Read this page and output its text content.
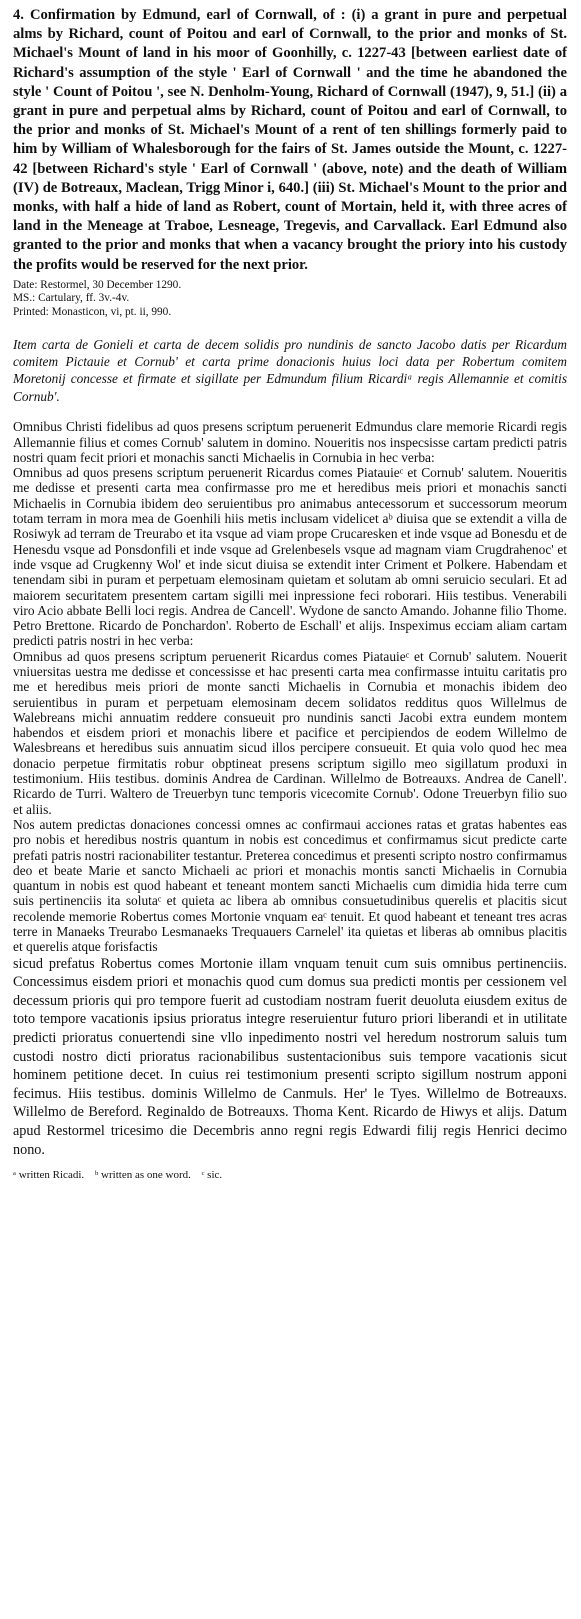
4. Confirmation by Edmund, earl of Cornwall, of : (i) a grant in pure and perpetual alms by Richard, count of Poitou and earl of Cornwall, to the prior and monks of St. Michael's Mount of land in his moor of Goonhilly, c. 1227-43 [between earliest date of Richard's assumption of the style ' Earl of Cornwall ' and the time he abandoned the style ' Count of Poitou ', see N. Denholm-Young, Richard of Cornwall (1947), 9, 51.] (ii) a grant in pure and perpetual alms by Richard, count of Poitou and earl of Cornwall, to the prior and monks of St. Michael's Mount of a rent of ten shillings formerly paid to him by William of Whalesborough for the fairs of St. James outside the Mount, c. 1227-42 [between Richard's style ' Earl of Cornwall ' (above, note) and the death of William (IV) de Botreaux, Maclean, Trigg Minor i, 640.] (iii) St. Michael's Mount to the prior and monks, with half a hide of land as Robert, count of Mortain, held it, with three acres of land in the Meneage at Traboe, Lesneage, Tregevis, and Carvallack. Earl Edmund also granted to the prior and monks that when a vacancy brought the priory into his custody the profits would be reserved for the next prior.

Date: Restormel, 30 December 1290.
MS.: Cartulary, ff. 3v.-4v.
Printed: Monasticon, vi, pt. ii, 990.

Item carta de Gonieli et carta de decem solidis pro nundinis de sancto Jacobo datis per Ricardum comitem Pictauie et Cornub' et carta prime donacionis huius loci data per Robertum comitem Moretonij concesse et firmate et sigillate per Edmundum filium Ricardiᵃ regis Allemannie et comitis Cornub'.

Omnibus Christi fidelibus ad quos presens scriptum peruenerit Edmundus clare memorie Ricardi regis Allemannie filius et comes Cornub' salutem in domino. Noueritis nos inspecsisse cartam predicti patris nostri quam fecit priori et monachis sancti Michaelis in Cornubia in hec verba:

Omnibus ad quos presens scriptum peruenerit Ricardus comes Piatauieᶜ et Cornub' salutem. Noueritis me dedisse et presenti carta mea confirmasse pro me et heredibus meis priori et monachis sancti Michaelis in Cornubia ibidem deo seruientibus pro animabus antecessorum et successorum meorum totam terram in mora mea de Goenhili hiis metis inclusam videlicet aᵇ diuisa que se extendit a villa de Rosiwyk ad terram de Treurabo et ita vsque ad viam prope Crucaresken et inde vsque ad Bonesdu et de Henesdu vsque ad Ponsdonfili et inde vsque ad Grelenbesels vsque ad magnam viam Crugdrahenoc' et inde vsque ad Crugkenny Wol' et inde sicut diuisa se extendit inter Criment et Polkere. Habendam et tenendam sibi in puram et perpetuam elemosinam quietam et solutam ab omni seruicio seculari. Et ad maiorem securitatem presentem cartam sigilli mei inpressione feci roborari. Hiis testibus. Venerabili viro Acio abbate Belli loci regis. Andrea de Cancell'. Wydone de sancto Amando. Johanne filio Thome. Petro Brettone. Ricardo de Ponchardon'. Roberto de Eschall' et alijs. Inspeximus ecciam aliam cartam predicti patris nostri in hec verba:

Omnibus ad quos presens scriptum peruenerit Ricardus comes Piatauieᶜ et Cornub' salutem. Nouerit vniuersitas uestra me dedisse et concessisse et hac presenti carta mea confirmasse intuitu caritatis pro me et heredibus meis priori de monte sancti Michaelis in Cornubia et monachis ibidem deo seruientibus in puram et perpetuam elemosinam decem solidatos redditus quos Willelmus de Walebreans michi annuatim reddere consueuit pro nundinis sancti Jacobi extra eundem montem habendos et eisdem priori et monachis libere et pacifice et percipiendos de eodem Willelmo de Walesbreans et heredibus suis annuatim sicud illos percipere consueuit. Et quia volo quod hec mea donacio perpetue firmitatis robur obptineat presens scriptum sigillo meo sigillatum produxi in testimonium. Hiis testibus. dominis Andrea de Cardinan. Willelmo de Botreauxs. Andrea de Canell'. Ricardo de Turri. Waltero de Treuerbyn tunc temporis vicecomite Cornub'. Odone Treuerbyn filio suo et aliis.

Nos autem predictas donaciones concessi omnes ac confirmaui acciones ratas et gratas habentes eas pro nobis et heredibus nostris quantum in nobis est concedimus et confirmamus sicut predicte carte prefati patris nostri racionabiliter testantur. Preterea concedimus et presenti scripto nostro confirmamus deo et beate Marie et sancto Michaeli ac priori et monachis montis sancti Michaelis in Cornubia quantum in nobis est quod habeant et teneant montem sancti Michaelis cum dimidia hida terre cum suis pertinenciis ita solutaᶜ et quieta ac libera ab omnibus consuetudinibus querelis et placitis sicut recolende memorie Robertus comes Mortonie vnquam eaᶜ tenuit. Et quod habeant et teneant tres acras terre in Manaeks Treurabo Lesmanaeks Trequauers Carnelel' ita quietas et liberas ab omnibus placitis et querelis atque forisfactis

sicud prefatus Robertus comes Mortonie illam vnquam tenuit cum suis omnibus pertinenciis. Concessimus eisdem priori et monachis quod cum domus sua predicti montis per cessionem vel decessum prioris qui pro tempore fuerit ad custodiam nostram fuerit deuoluta eiusdem exitus de toto tempore vacationis ipsius prioratus integre reseruientur futuro priori liberandi et in utilitate predicti prioratus conuertendi sine vllo inpedimento nostri vel heredum nostrorum saluis tum custodi nostro dicti prioratus racionabilibus sustentacionibus suis tempore vacationis sicut hominem petitione decet. In cuius rei testimonium presenti scripto sigillum nostrum apponi fecimus. Hiis testibus. dominis Willelmo de Canmuls. Her' le Tyes. Willelmo de Botreauxs. Willelmo de Bereford. Reginaldo de Botreauxs. Thoma Kent. Ricardo de Hiwys et alijs. Datum apud Restormel tricesimo die Decembris anno regni regis Edwardi filij regis Henrici decimo nono.

ᵃ written Ricadi. ᵇ written as one word. ᶜ sic.
